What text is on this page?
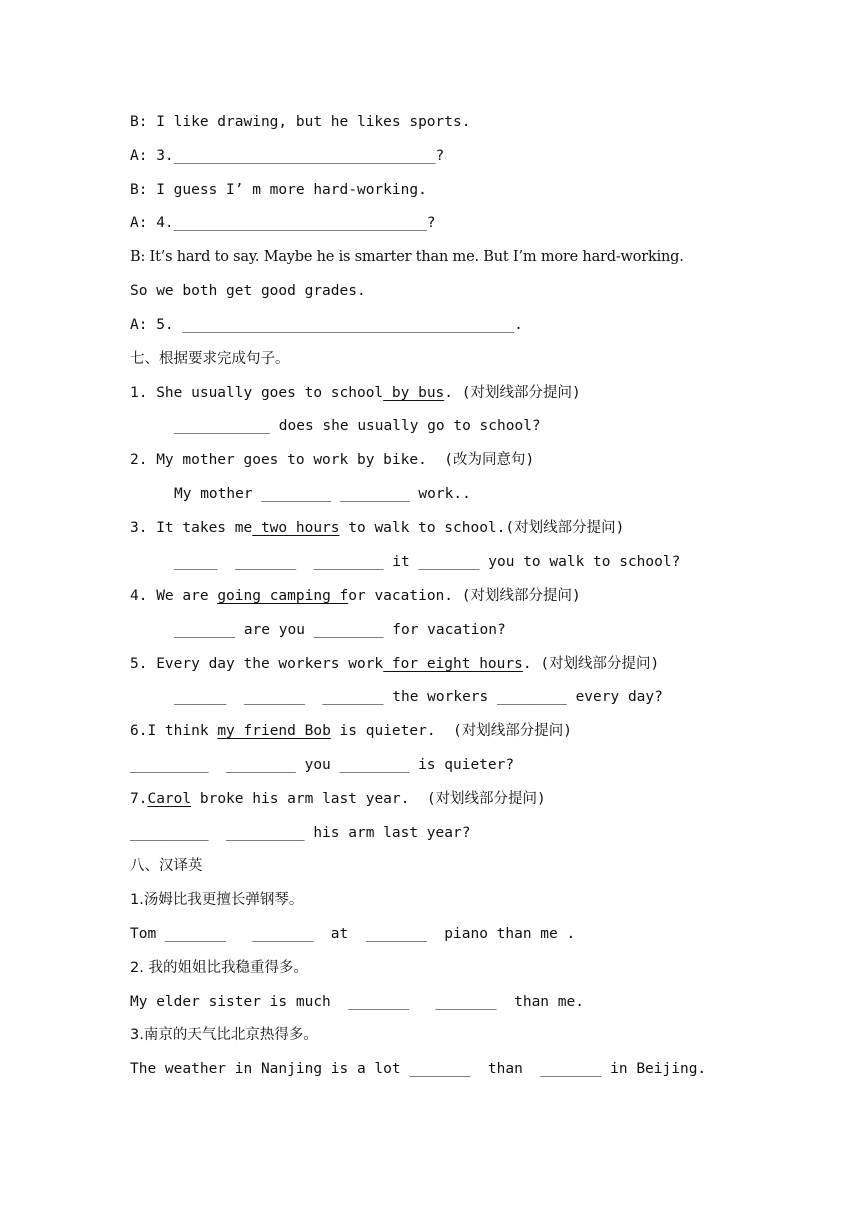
B: I like drawing, but he likes sports.
A: 3.______________________________?
B: I guess I’ m more hard-working.
A: 4._____________________________?
B: It’s hard to say. Maybe he is smarter than me. But I’m more hard-working.
So we both get good grades.
A: 5. ______________________________________.
七、根据要求完成句子。
1. She usually goes to school by bus. (对划线部分提问)
___________ does she usually go to school?
2. My mother goes to work by bike.  (改为同意句)
My mother ________ ________ work..
3. It takes me two hours to walk to school.(对划线部分提问)
_____  _______  ________ it _______ you to walk to school?
4. We are going camping for vacation. (对划线部分提问)
_______ are you ________ for vacation?
5. Every day the workers work for eight hours. (对划线部分提问)
______  _______  _______ the workers ________ every day?
6.I think my friend Bob is quieter.  (对划线部分提问)
_________  ________ you ________ is quieter?
7.Carol broke his arm last year.  (对划线部分提问)
_________  _________ his arm last year?
八、汉译英
1.汤姆比我更擅长弹钢琴。
Tom _______   _______  at  _______  piano than me .
2. 我的姐姐比我稳重得多。
My elder sister is much  _______   _______  than me.
3.南京的天气比北京热得多。
The weather in Nanjing is a lot _______  than  _______ in Beijing.
